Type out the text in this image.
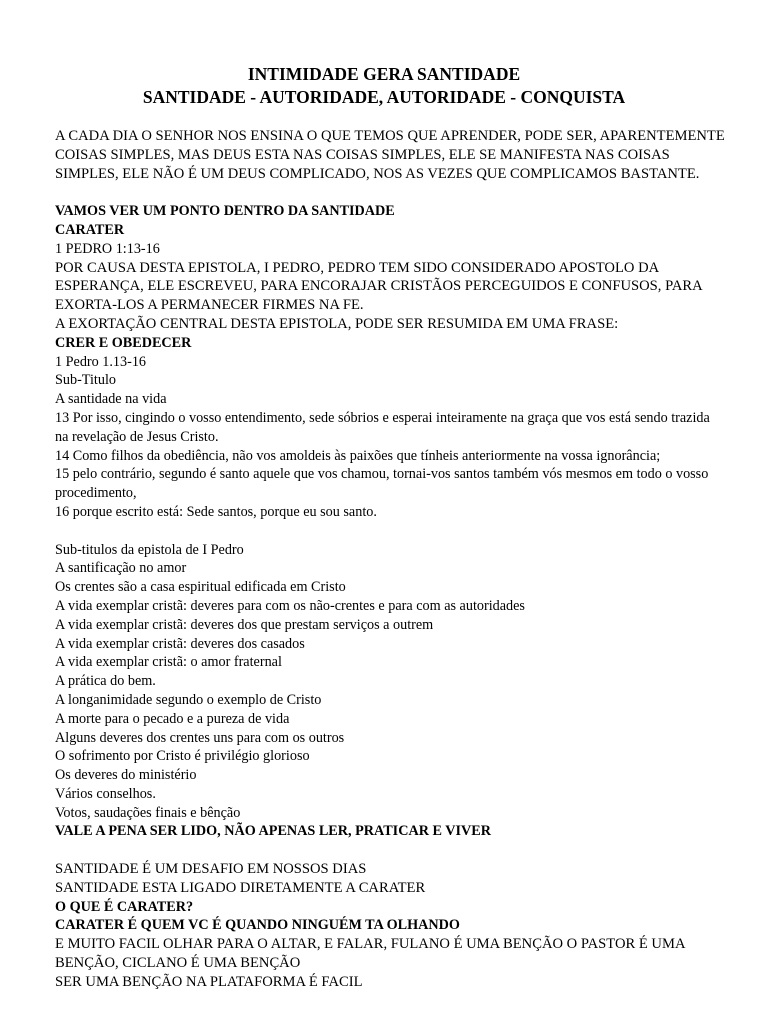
INTIMIDADE GERA SANTIDADE
SANTIDADE - AUTORIDADE, AUTORIDADE - CONQUISTA
A CADA DIA O SENHOR NOS ENSINA O QUE TEMOS QUE APRENDER, PODE SER, APARENTEMENTE
COISAS SIMPLES, MAS DEUS ESTA NAS COISAS SIMPLES, ELE SE MANIFESTA NAS COISAS
SIMPLES, ELE NÃO É UM DEUS COMPLICADO, NOS AS VEZES QUE COMPLICAMOS BASTANTE.
VAMOS VER UM PONTO DENTRO DA SANTIDADE
CARATER
1 PEDRO 1:13-16
POR CAUSA DESTA EPISTOLA, I PEDRO, PEDRO TEM SIDO CONSIDERADO APOSTOLO DA
ESPERANÇA, ELE ESCREVEU, PARA ENCORAJAR CRISTÃOS PERCEGUIDOS E CONFUSOS, PARA
EXORTA-LOS A PERMANECER FIRMES NA FE.
A EXORTAÇÃO CENTRAL DESTA EPISTOLA, PODE SER RESUMIDA EM UMA FRASE:
CRER E OBEDECER
1 Pedro 1.13-16
Sub-Titulo
A santidade na vida
13 Por isso, cingindo o vosso entendimento, sede sóbrios e esperai inteiramente na graça que vos está sendo trazida
na revelação de Jesus Cristo.
14 Como filhos da obediência, não vos amoldeis às paixões que tínheis anteriormente na vossa ignorância;
15 pelo contrário, segundo é santo aquele que vos chamou, tornai-vos santos também vós mesmos em todo o vosso
procedimento,
16 porque escrito está: Sede santos, porque eu sou santo.
Sub-titulos da epistola de I Pedro
A santificação no amor
Os crentes são a casa espiritual edificada em Cristo
A vida exemplar cristã: deveres para com os não-crentes e para com as autoridades
A vida exemplar cristã: deveres dos que prestam serviços a outrem
A vida exemplar cristã: deveres dos casados
A vida exemplar cristã: o amor fraternal
A prática do bem.
A longanimidade segundo o exemplo de Cristo
A morte para o pecado e a pureza de vida
Alguns deveres dos crentes uns para com os outros
O sofrimento por Cristo é privilégio glorioso
Os deveres do ministério
Vários conselhos.
Votos, saudações finais e bênção
VALE A PENA SER LIDO, NÃO APENAS LER, PRATICAR E VIVER
SANTIDADE É UM DESAFIO EM NOSSOS DIAS
SANTIDADE ESTA LIGADO DIRETAMENTE A CARATER
O QUE É CARATER?
CARATER É QUEM VC É QUANDO NINGUÉM TA OLHANDO
E MUITO FACIL OLHAR PARA O ALTAR, E FALAR, FULANO É UMA BENÇÃO O PASTOR É UMA
BENÇÃO, CICLANO É UMA BENÇÃO
SER UMA BENÇÃO NA PLATAFORMA É FACIL
